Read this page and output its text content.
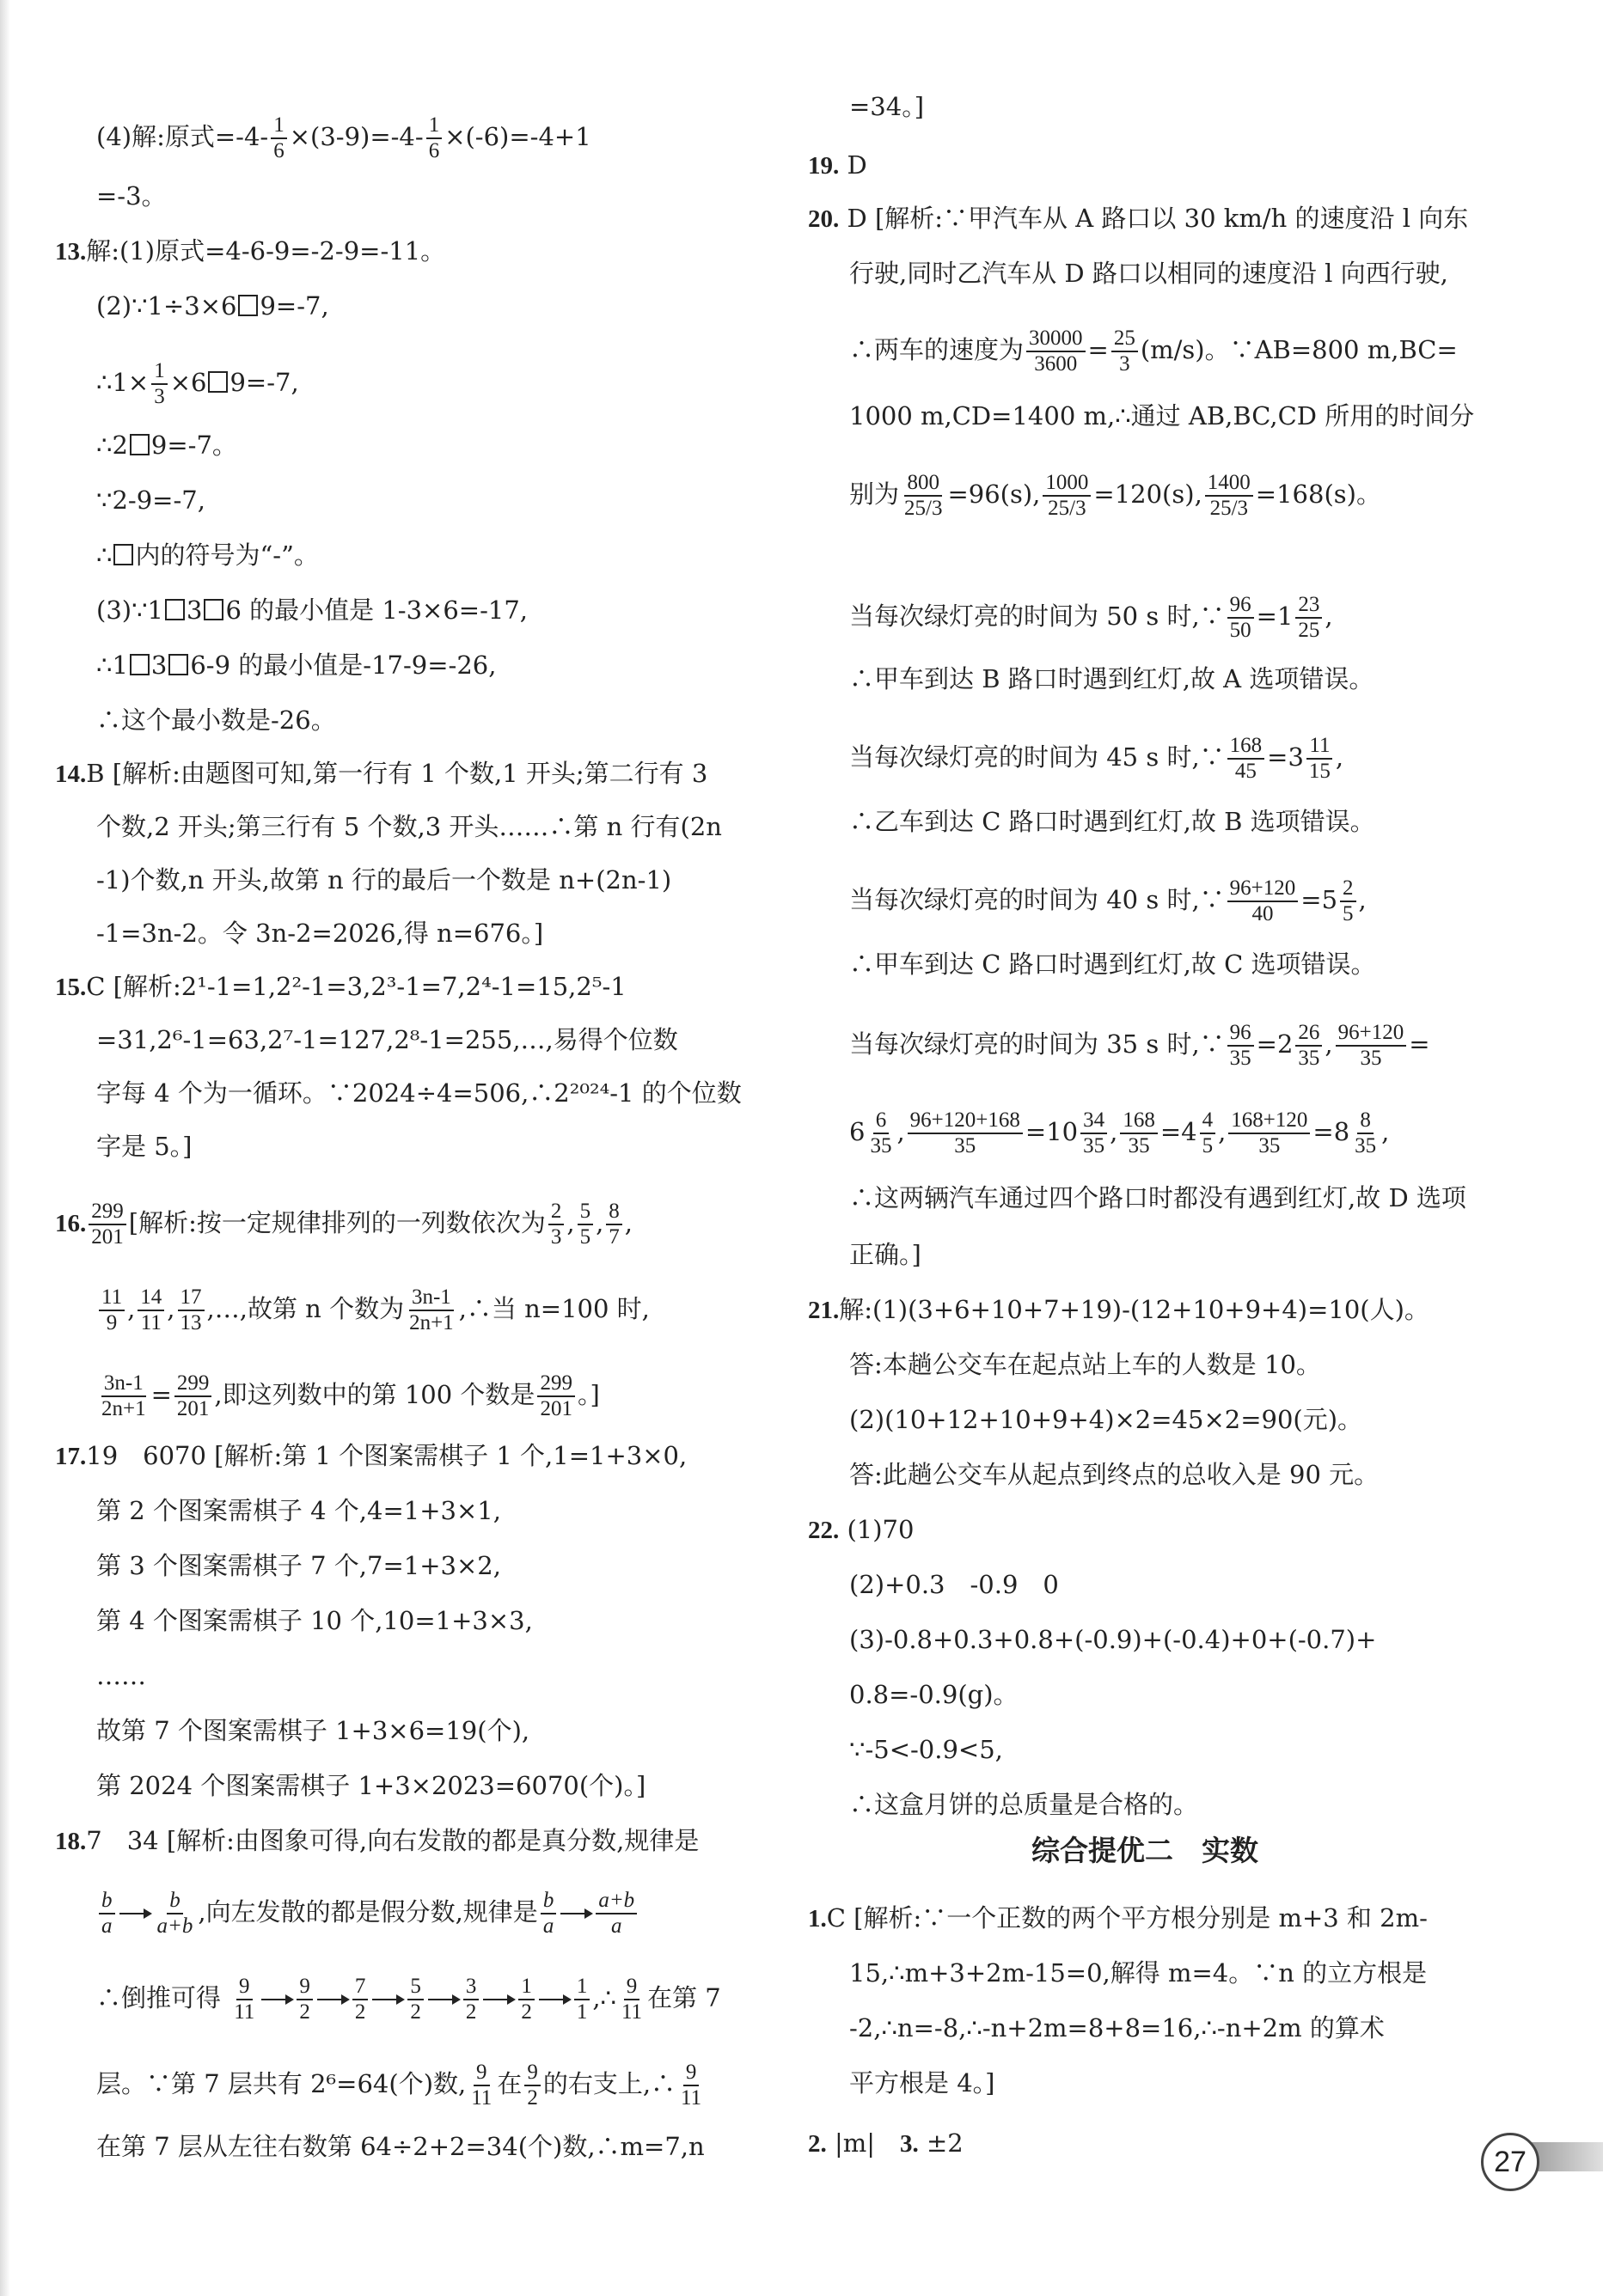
(4)解:原式$=-4- \frac{1}{6} \times(3-9)=-4- \frac{1}{6} \times(-6)=-4+1$
=-3。
13.解:(1)原式=4-6-9=-2-9=-11。
(2)∵1÷3×6 9=-7,
∴1× $\frac{1}{3} \times 6$ 9=-7,
∴2 9=-7。
∵2-9=-7,
∴ 内的符号为“-”。
(3)∵1 3 6 的最小值是 1-3×6=-17,
∴1 3 6-9 的最小值是-17-9=-26,
∴这个最小数是-26。
14.B [解析:由题图可知,第一行有 1 个数,1 开头;第二行有 3
个数,2 开头;第三行有 5 个数,3 开头……∴第 n 行有(2n
-1)个数,n 开头,故第 n 行的最后一个数是 n+(2n-1)
-1=3n-2。令 3n-2=2026,得 n=676。]
15.C [解析:2¹-1=1,2²-1=3,2³-1=7,2⁴-1=15,2⁵-1
=31,2⁶-1=63,2⁷-1=127,2⁸-1=255,…,易得个位数
字每 4 个为一循环。∵2024÷4=506,∴2²⁰²⁴-1 的个位数
字是 5。]
16. $\frac{299}{201}$ [解析:按一定规律排列的一列数依次为 $\frac{2}{3}$ , $\frac{5}{5}$ , $\frac{8}{7}$ ,
$\frac{11}{9}$ , $\frac{14}{11}$ , $\frac{17}{13}$ ,…,故第 n 个数为 $\frac{3n-1}{2n+1}$ ,∴当 n=100 时,
$\frac{3n-1}{2n+1} = \frac{299}{201}$ ,即这列数中的第 100 个数是 $\frac{299}{201}$ 。]
17.19　6070 [解析:第 1 个图案需棋子 1 个,1=1+3×0,
第 2 个图案需棋子 4 个,4=1+3×1,
第 3 个图案需棋子 7 个,7=1+3×2,
第 4 个图案需棋子 10 个,10=1+3×3,
……
故第 7 个图案需棋子 1+3×6=19(个),
第 2024 个图案需棋子 1+3×2023=6070(个)。]
18.7　34 [解析:由图象可得,向右发散的都是真分数,规律是
$\frac{b}{a} \frac{b}{a+b}$ ,向左发散的都是假分数,规律是 $\frac{b}{a} \frac{a+b}{a}$
∴倒推可得 $\frac{9}{11} \frac{9}{2} \frac{7}{2} \frac{5}{2} \frac{3}{2} \frac{1}{2} \frac{1}{1}$ ,∴ $\frac{9}{11}$ 在第 7
层。∵第 7 层共有 2⁶=64(个)数, $\frac{9}{11}$ 在 $\frac{9}{2}$ 的右支上,∴ $\frac{9}{11}$
在第 7 层从左往右数第 64÷2+2=34(个)数,∴m=7,n
=34。]
19. D
20. D [解析:∵甲汽车从 A 路口以 30 km/h 的速度沿 l 向东
行驶,同时乙汽车从 D 路口以相同的速度沿 l 向西行驶,
∴两车的速度为 $\frac{30000}{3600} = \frac{25}{3} (m/s)$。∵AB=800 m,BC=
1000 m,CD=1400 m,∴通过 AB,BC,CD 所用的时间分
别为 $\frac{800}{25/3} =96(s)$, $\frac{1000}{25/3} =120(s)$, $\frac{1400}{25/3} =168(s)$。
当每次绿灯亮的时间为 50 s 时,∵ $\frac{96}{50} =1 \frac{23}{25}$ ,
∴甲车到达 B 路口时遇到红灯,故 A 选项错误。
当每次绿灯亮的时间为 45 s 时,∵ $\frac{168}{45} =3 \frac{11}{15}$ ,
∴乙车到达 C 路口时遇到红灯,故 B 选项错误。
当每次绿灯亮的时间为 40 s 时,∵ $\frac{96+120}{40} =5 \frac{2}{5}$ ,
∴甲车到达 C 路口时遇到红灯,故 C 选项错误。
当每次绿灯亮的时间为 35 s 时,∵ $\frac{96}{35} =2 \frac{26}{35}$ , $\frac{96+120}{35}$ =
$6 \frac{6}{35}$ , $\frac{96+120+168}{35} =10 \frac{34}{35}$ , $\frac{168}{35} =4 \frac{4}{5}$ , $\frac{168+120}{35} =8 \frac{8}{35}$ ,
∴这两辆汽车通过四个路口时都没有遇到红灯,故 D 选项
正确。]
21.解:(1)(3+6+10+7+19)-(12+10+9+4)=10(人)。
答:本趟公交车在起点站上车的人数是 10。
(2)(10+12+10+9+4)×2=45×2=90(元)。
答:此趟公交车从起点到终点的总收入是 90 元。
22. (1)70
(2)+0.3　-0.9　0
(3)-0.8+0.3+0.8+(-0.9)+(-0.4)+0+(-0.7)+
0.8=-0.9(g)。
∵-5<-0.9<5,
∴这盒月饼的总质量是合格的。
综合提优二　实数
1.C [解析:∵一个正数的两个平方根分别是 m+3 和 2m-
15,∴m+3+2m-15=0,解得 m=4。∵n 的立方根是
-2,∴n=-8,∴-n+2m=8+8=16,∴-n+2m 的算术
平方根是 4。]
2. |m|　 3. ±2
27
